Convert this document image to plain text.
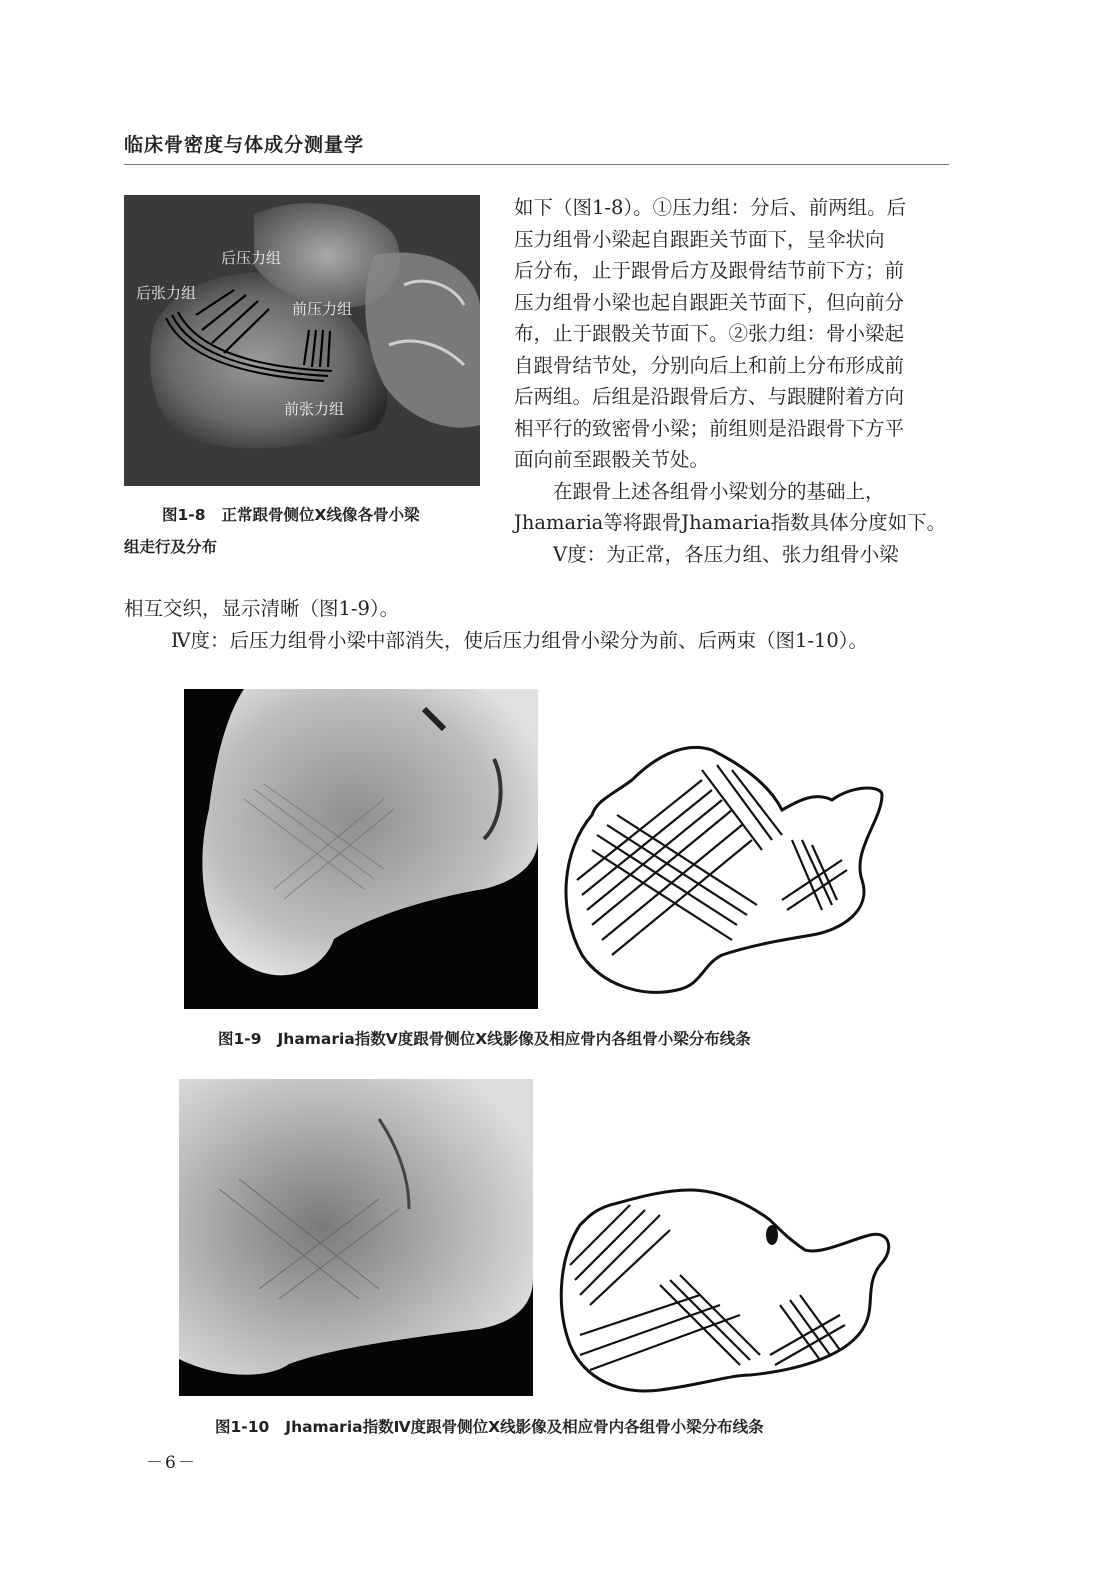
临床骨密度与体成分测量学
后张力组
后压力组
前压力组
前张力组
图1-8 正常跟骨侧位X线像各骨小梁
组走行及分布

如下（图1-8）。①压力组：分后、前两组。后

压力组骨小梁起自跟距关节面下，呈伞状向

后分布，止于跟骨后方及跟骨结节前下方；前

压力组骨小梁也起自跟距关节面下，但向前分

布，止于跟骰关节面下。②张力组：骨小梁起

自跟骨结节处，分别向后上和前上分布形成前

后两组。后组是沿跟骨后方、与跟腱附着方向

相平行的致密骨小梁；前组则是沿跟骨下方平

面向前至跟骰关节处。

　　在跟骨上述各组骨小梁划分的基础上，

Jhamaria等将跟骨Jhamaria指数具体分度如下。

　　Ⅴ度：为正常，各压力组、张力组骨小梁

相互交织，显示清晰（图1-9）。

Ⅳ度：后压力组骨小梁中部消失，使后压力组骨小梁分为前、后两束（图1-10）。

图1-9 Jhamaria指数Ⅴ度跟骨侧位X线影像及相应骨内各组骨小梁分布线条
图1-10 Jhamaria指数Ⅳ度跟骨侧位X线影像及相应骨内各组骨小梁分布线条
－6－
